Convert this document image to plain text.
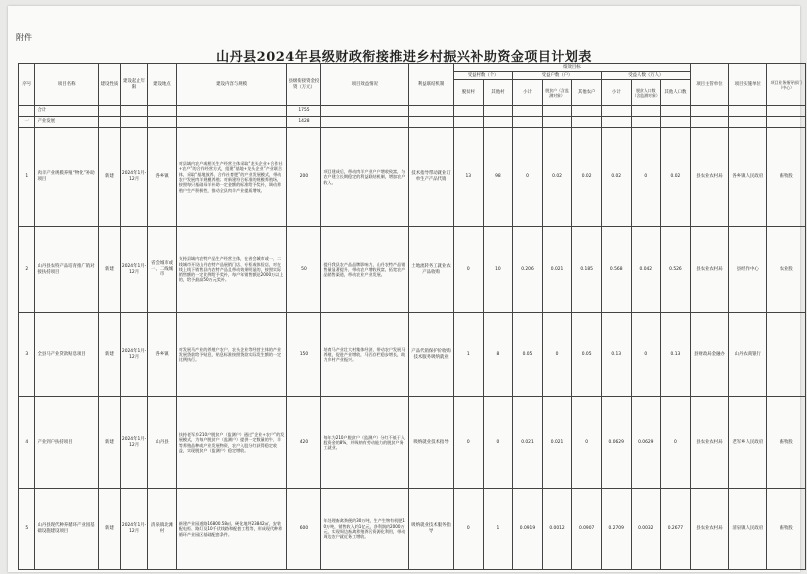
附件
山丹县2024年县级财政衔接推进乡村振兴补助资金项目计划表
序号	项目名称	建设性质	建设起止年限	建设地点	建设内容与规模	县级衔接资金投资（万元）	项目效益情况	利益联结机制	绩效目标								项目主管单位	项目实施单位	项目业务指导部门（中心）
									受益村数（个）		受益户数（户）			受益人数（万人）					
									脱贫村	其他村	小计	脱贫户（含监测对象）	其他农户	小计	脱贫人口数（含监测对象）	其他人口数			
	合计					1755													
一	产业发展					1428													
1	肉羊产业规模养殖“物化”补助项目	新建	2024年1月-12月	各乡镇	对县域内农户或相关生产经营主体采取“龙头企业+合作社+农户”的合作经营方式，组建“基地+龙头企业”产业联合体，采取“基地放养、合作社育肥”的产业发展模式，带动农户发展肉羊规模养殖；对新建符合标准的规模养殖场，按照每只基础母羊补助一定金额的标准给予奖补，调动养殖户生产积极性，推动全县肉羊产业提质增效。	200	项目建成后，带动肉羊产业户户增收致富，与农户建立长期稳定的利益联结机制，增加农户收入。	技术指导带动就业订单生产产品代销	13	98	0	0.02	0.02	0.02	0	0.02	县农业农村局	各乡镇人民政府	畜牧股
2	山丹县农特产品培育推广销对接扶持项目	新建	2024年1月-12月	省会城市或一、二线城市	支持县域内农特产品生产经营主体，在省会城市或一、二线城市开设山丹农特产品展销门店、专柜或体验店，对在线上线下销售县内农特产品且带动效果明显的，按照实际销售额的一定比例给予奖补，每户年销售额达2000万以上的，给予最高50万元奖补。	50	提升我县农产品品牌影响力，山丹农特产品销售量显著提升，带动农户增收致富，拓宽农产品销售渠道，带动农业产业发展。	土地流转务工就业农产品收购	0	10	0.206	0.021	0.185	0.568	0.042	0.526	县农业农村局	县经作中心	农业股
3	全县马产业贷款贴息项目	新建	2024年1月-12月	各乡镇	对发展马产业的养殖户农户、农头企业等经营主体的产业发展贷款给予贴息，贴息标准按照贷款实际发生额的一定比例执行。	150	培育马产业壮大村集体经济，带动农户发展马养殖，促进产业增收，马匹存栏稳步增长，助力乡村产业振兴。	产品代销保护价收购技术服务吸纳就业	1	8	0.05	0	0.05	0.13	0	0.13	县财政局金融办	山丹农商银行	
4	产业到户扶持项目	新建	2024年1月-12月	山丹县	扶持老军乡210户脱贫户（监测户）通过“企业+农户”的发展模式，为每户脱贫户（监测户）提供一定数量的牛、羊等养殖品种或产业发展物资，农户入股分红获得稳定收益，实现脱贫户（监测户）稳定增收。	420	每年为210户脱贫户（监测户）分红不低于入股资金的8%，并吸纳有劳动能力的脱贫户务工就业。	吸纳就业技术指导	0	0	0.021	0.021	0	0.0629	0.0629	0	县农业农村局	老军乡人民政府	畜牧股
5	山丹县现代种养循环产业园基础设施建设项目	新建	2024年1月-12月	清泉镇北滩村	新建产业园道路16800.58㎡，硬化地坪23842㎡，安装配电柜、路灯及10千伏线路和配套工程等，形成现代种养循环产业园区基础配套条件。	600	年处理畜禽粪便约30万吨，生产生物有机肥10万吨，销售收入约1亿元，净利润约2000万元，实现周边畜禽养殖粪污资源化利用，带动周边农户就近务工增收。	吸纳就业技术服务指导	0	1	0.0919	0.0012	0.0907	0.2709	0.0032	0.2677	县农业农村局	清泉镇人民政府	畜牧股
